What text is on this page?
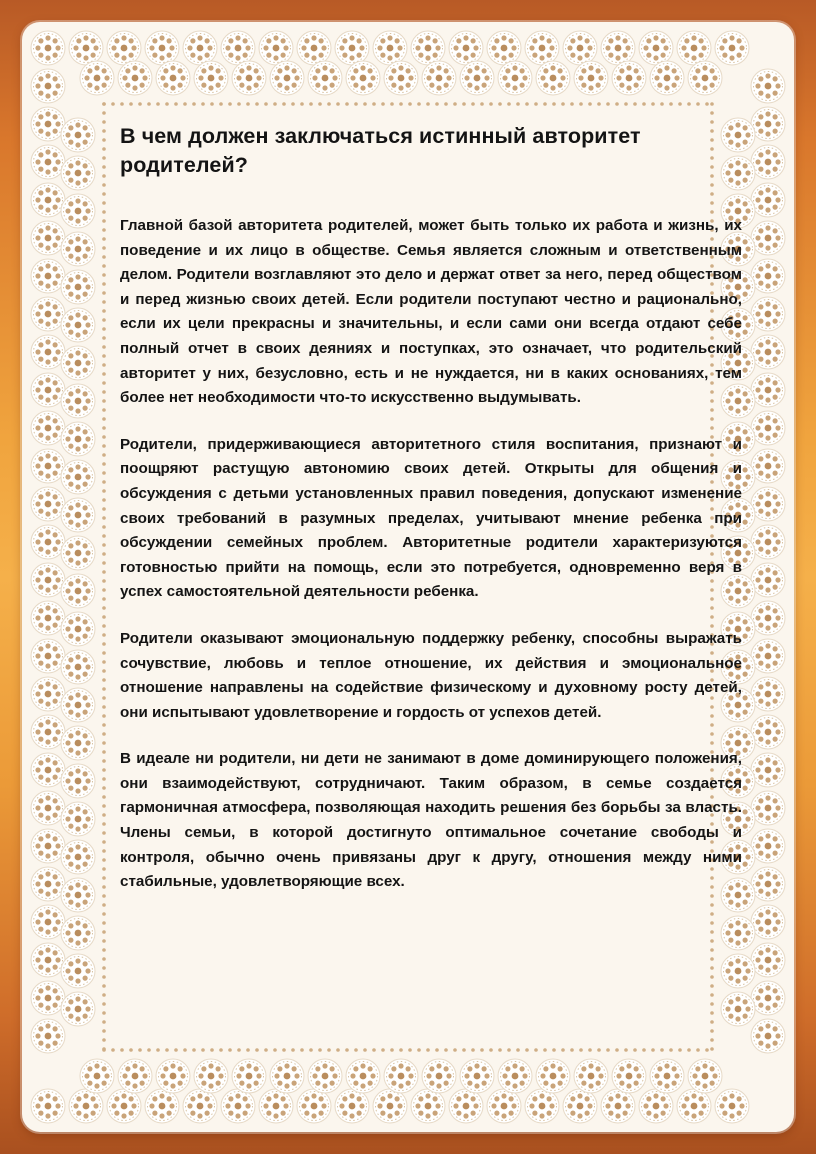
В чем должен заключаться истинный авторитет родителей?
Главной базой авторитета родителей, может быть только их работа и жизнь, их поведение и их лицо в обществе. Семья является сложным и ответственным делом. Родители возглавляют это дело и держат ответ за него, перед обществом и перед жизнью своих детей. Если родители поступают честно и рационально, если их цели прекрасны и значительны, и если сами они всегда отдают себе полный отчет в своих деяниях и поступках, это означает, что родительский авторитет у них, безусловно, есть и не нуждается, ни в каких основаниях, тем более нет необходимости что-то искусственно выдумывать.
Родители, придерживающиеся авторитетного стиля воспитания, признают и поощряют растущую автономию своих детей. Открыты для общения и обсуждения с детьми установленных правил поведения, допускают изменение своих требований в разумных пределах, учитывают мнение ребенка при обсуждении семейных проблем. Авторитетные родители характеризуются готовностью прийти на помощь, если это потребуется, одновременно веря в успех самостоятельной деятельности ребенка.
Родители оказывают эмоциональную поддержку ребенку, способны выражать сочувствие, любовь и теплое отношение, их действия и эмоциональное отношение направлены на содействие физическому и духовному росту детей, они испытывают удовлетворение и гордость от успехов детей.
В идеале ни родители, ни дети не занимают в доме доминирующего положения, они взаимодействуют, сотрудничают. Таким образом, в семье создается гармоничная атмосфера, позволяющая находить решения без борьбы за власть. Члены семьи, в которой достигнуто оптимальное сочетание свободы и контроля, обычно очень привязаны друг к другу, отношения между ними стабильные, удовлетворяющие всех.
